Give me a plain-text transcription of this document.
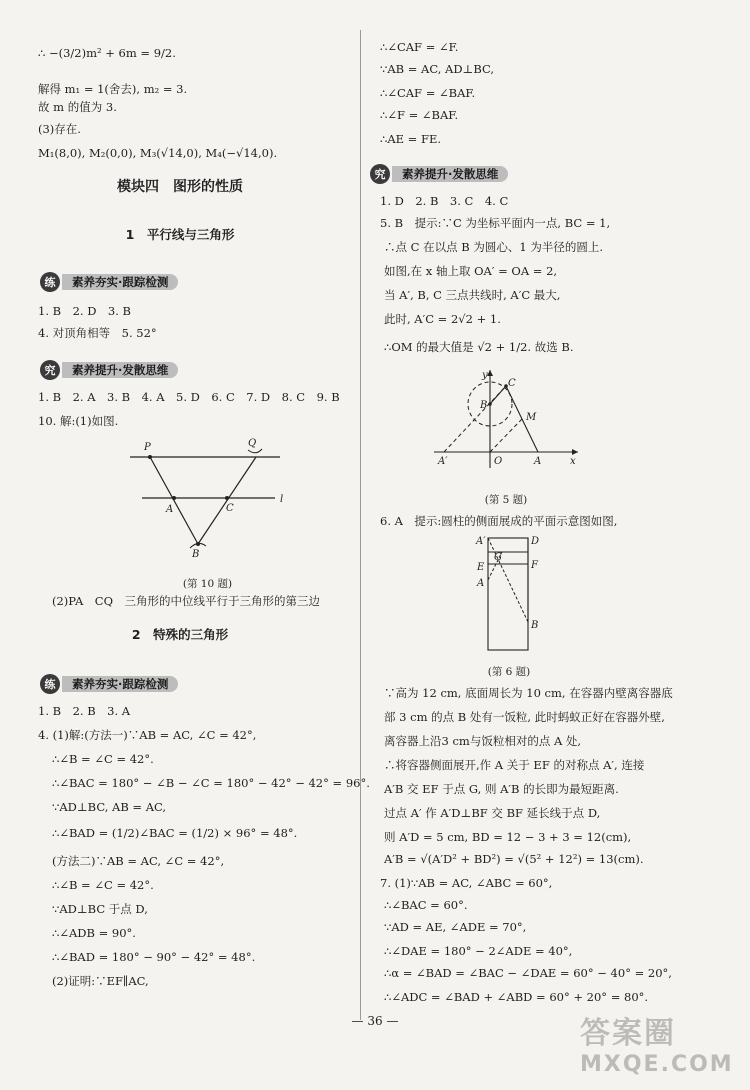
∴ −(3/2)m² + 6m = 9/2.
解得 m₁ = 1(舍去), m₂ = 3.
故 m 的值为 3.
(3)存在.
M₁(8,0), M₂(0,0), M₃(√14,0), M₄(−√14,0).
模块四　图形的性质
1　平行线与三角形
练	素养夯实·跟踪检测
1. B　2. D　3. B
4. 对顶角相等　5. 52°
究	素养提升·发散思维
1. B　2. A　3. B　4. A　5. D　6. C　7. D　8. C　9. B
10. 解:(1)如图.
P	Q
A	C
B
l
(第 10 题)
(2)PA　CQ　三角形的中位线平行于三角形的第三边
2　特殊的三角形
练	素养夯实·跟踪检测
1. B　2. B　3. A
4. (1)解:(方法一)∵AB = AC, ∠C = 42°,
∴∠B = ∠C = 42°.
∴∠BAC = 180° − ∠B − ∠C = 180° − 42° − 42° = 96°.
∵AD⊥BC, AB = AC,
∴∠BAD = (1/2)∠BAC = (1/2) × 96° = 48°.
(方法二)∵AB = AC, ∠C = 42°,
∴∠B = ∠C = 42°.
∵AD⊥BC 于点 D,
∴∠ADB = 90°.
∴∠BAD = 180° − 90° − 42° = 48°.
(2)证明:∵EF∥AC,
∴∠CAF = ∠F.
∵AB = AC, AD⊥BC,
∴∠CAF = ∠BAF.
∴∠F = ∠BAF.
∴AE = FE.
究	素养提升·发散思维
1. D　2. B　3. C　4. C
5. B　提示:∵C 为坐标平面内一点, BC = 1,
∴点 C 在以点 B 为圆心、1 为半径的圆上.
如图,在 x 轴上取 OA′ = OA = 2,
当 A′, B, C 三点共线时, A′C 最大,
此时, A′C = 2√2 + 1.
∴OM 的最大值是 √2 + 1/2. 故选 B.
y
C
B
M
A′	O	A	x
(第 5 题)
6. A　提示:圆柱的侧面展成的平面示意图如图,
A′	D
G
E	F
A
B
(第 6 题)
∵高为 12 cm, 底面周长为 10 cm, 在容器内壁离容器底
部 3 cm 的点 B 处有一饭粒, 此时蚂蚁正好在容器外壁,
离容器上沿3 cm与饭粒相对的点 A 处,
∴将容器侧面展开,作 A 关于 EF 的对称点 A′, 连接
A′B 交 EF 于点 G, 则 A′B 的长即为最短距离.
过点 A′ 作 A′D⊥BF 交 BF 延长线于点 D,
则 A′D = 5 cm, BD = 12 − 3 + 3 = 12(cm),
A′B = √(A′D² + BD²) = √(5² + 12²) = 13(cm).
7. (1)∵AB = AC, ∠ABC = 60°,
∴∠BAC = 60°.
∵AD = AE, ∠ADE = 70°,
∴∠DAE = 180° − 2∠ADE = 40°,
∴α = ∠BAD = ∠BAC − ∠DAE = 60° − 40° = 20°,
∴∠ADC = ∠BAD + ∠ABD = 60° + 20° = 80°.
— 36 —	答案圈
MXQE.COM
